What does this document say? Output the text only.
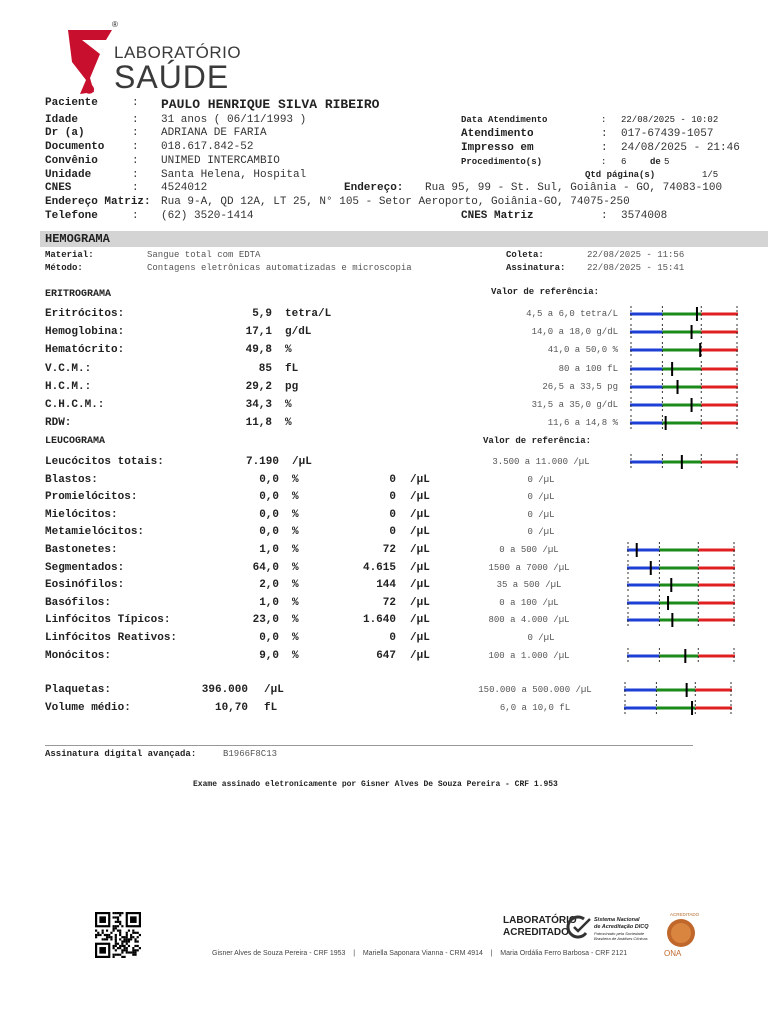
®
LABORATÓRIO
SAÚDE
Paciente	: PAULO HENRIQUE SILVA RIBEIRO
Idade	: 31 anos ( 06/11/1993 )
Dr (a)	: ADRIANA DE FARIA
Documento	: 018.617.842-52
Convênio	: UNIMED INTERCAMBIO
Unidade	: Santa Helena, Hospital
CNES	: 4524012	Endereço: Rua 95, 99 - St. Sul, Goiânia - GO, 74083-100
Endereço Matriz: Rua 9-A, QD 12A, LT 25, N° 105 - Setor Aeroporto, Goiânia-GO, 74075-250
Telefone	: (62) 3520-1414	CNES Matriz	: 3574008
Data Atendimento	: 22/08/2025 - 10:02
Atendimento	: 017-67439-1057
Impresso em	: 24/08/2025 - 21:46
Procedimento(s)	: 6	de 5
Qtd página(s)	1/5
HEMOGRAMA
Material:	Sangue total com EDTA
Método:	Contagens eletrônicas automatizadas e microscopia
Coleta:	22/08/2025 - 11:56
Assinatura: 22/08/2025 - 15:41
ERITROGRAMA	Valor de referência:
Eritrócitos:	5,9 tetra/L	4,5 a 6,0 tetra/L
Hemoglobina:	17,1 g/dL	14,0 a 18,0 g/dL
Hematócrito:	49,8 %	41,0 a 50,0 %
V.C.M.:	85 fL	80 a 100 fL
H.C.M.:	29,2 pg	26,5 a 33,5 pg
C.H.C.M.:	34,3 %	31,5 a 35,0 g/dL
RDW:	11,8 %	11,6 a 14,8 %
LEUCOGRAMA	Valor de referência:
Leucócitos totais:	7.190 /µL	3.500 a 11.000 /µL
Blastos:	0,0 %	0 /µL	0 /µL
Promielócitos:	0,0 %	0 /µL	0 /µL
Mielócitos:	0,0 %	0 /µL	0 /µL
Metamielócitos:	0,0 %	0 /µL	0 /µL
Bastonetes:	1,0 %	72 /µL	0 a 500 /µL
Segmentados:	64,0 %	4.615 /µL	1500 a 7000 /µL
Eosinófilos:	2,0 %	144 /µL	35 a 500 /µL
Basófilos:	1,0 %	72 /µL	0 a 100 /µL
Linfócitos Típicos:	23,0 %	1.640 /µL	800 a 4.000 /µL
Linfócitos Reativos:	0,0 %	0 /µL	0 /µL
Monócitos:	9,0 %	647 /µL	100 a 1.000 /µL
Plaquetas:	396.000 /µL	150.000 a 500.000 /µL
Volume médio:	10,70 fL	6,0 a 10,0 fL
Assinatura digital avançada:	B1966F8C13
Exame assinado eletronicamente por Gisner Alves De Souza Pereira - CRF 1.953
LABORATÓRIO
ACREDITADO
Sistema Nacional
de Acreditação DICQ
Patrocinado pela Sociedade
Brasileira de Análises Clínicas
ACREDITADO
ONA
Gisner Alves de Souza Pereira - CRF 1953    |    Mariella Saponara Vianna - CRM 4914    |    Maria Ordália Ferro Barbosa - CRF 2121
